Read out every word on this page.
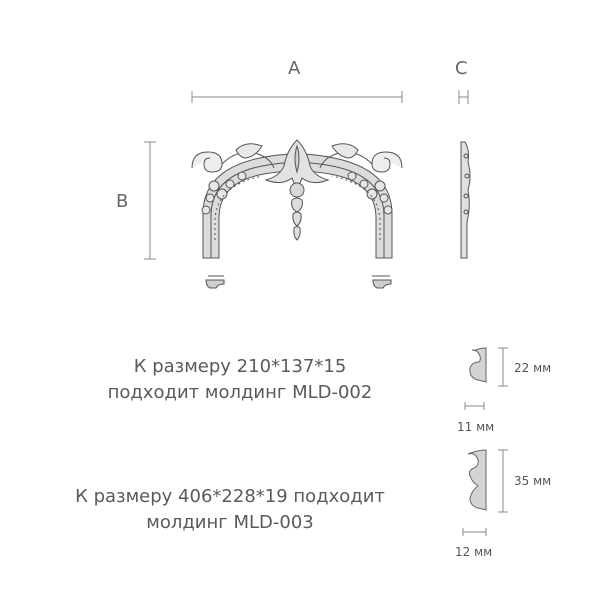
A
B
C
К размеру 210*137*15
подходит молдинг MLD-002
К размеру 406*228*19 подходит
молдинг MLD-003
22 мм
11 мм
35 мм
12 мм
